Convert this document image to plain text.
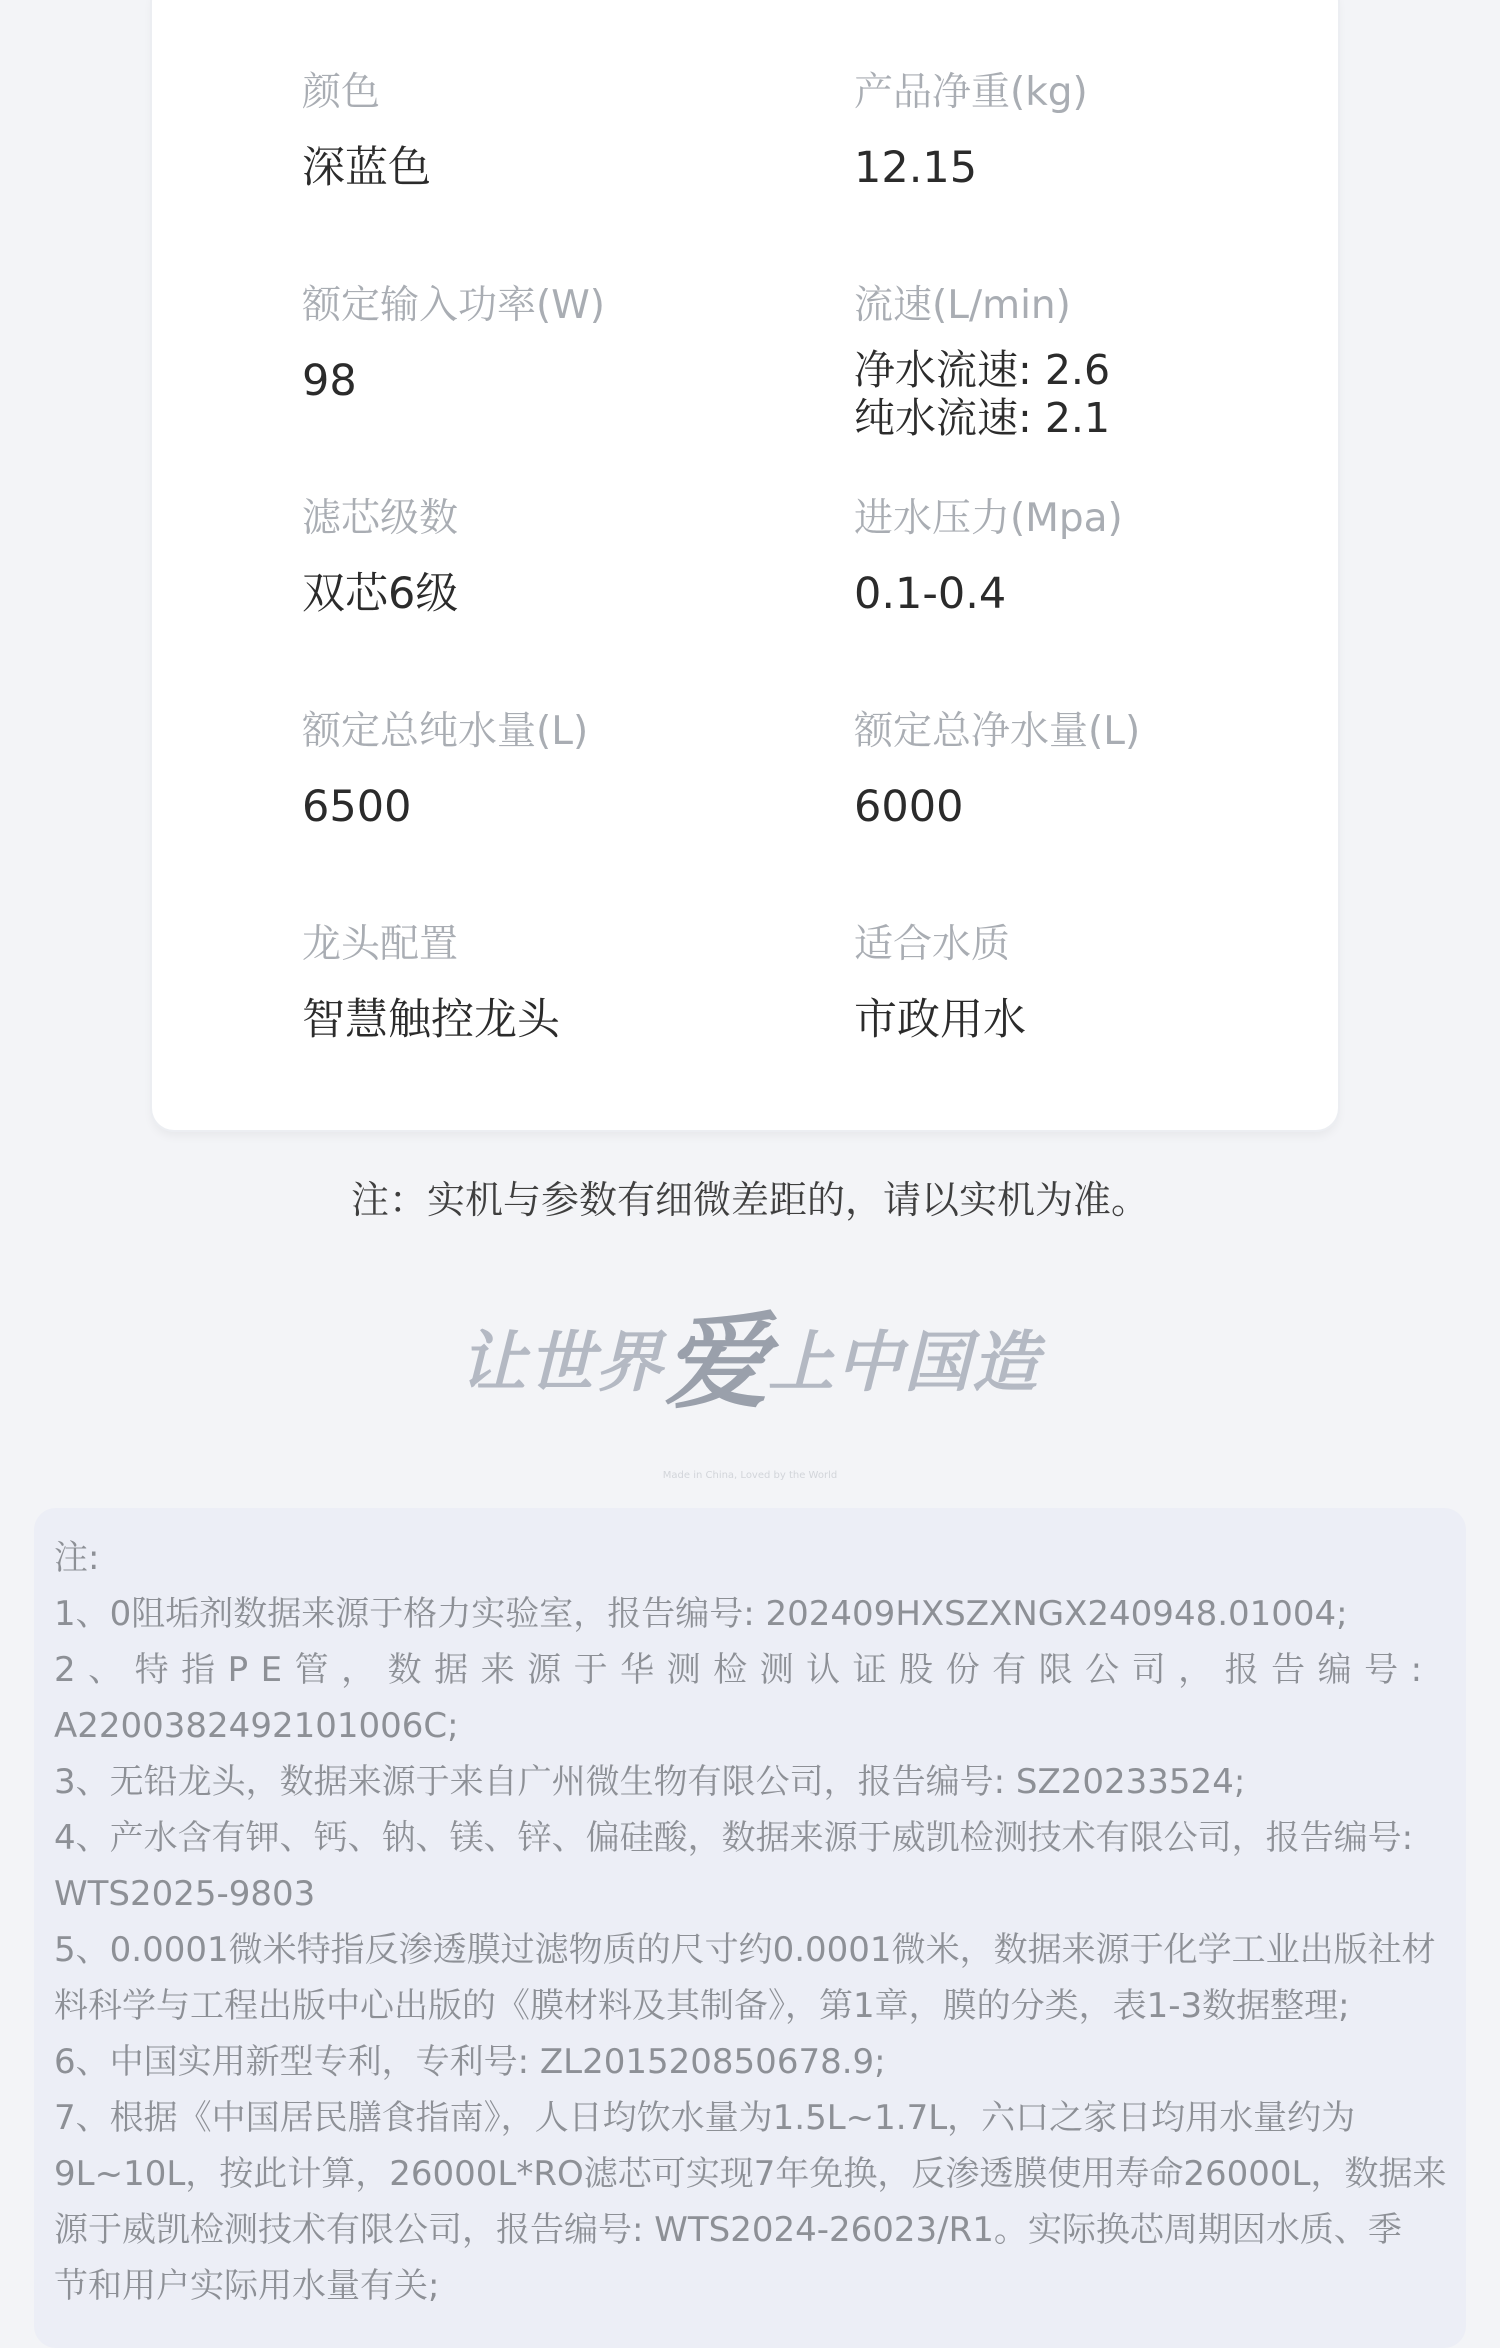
颜色
深蓝色
产品净重(kg)
12.15
额定输入功率(W)
98
流速(L/min)
净水流速: 2.6
纯水流速: 2.1
滤芯级数
双芯6级
进水压力(Mpa)
0.1-0.4
额定总纯水量(L)
6500
额定总净水量(L)
6000
龙头配置
智慧触控龙头
适合水质
市政用水
注：实机与参数有细微差距的，请以实机为准。
让世界爱上中国造
Made in China, Loved by the World
注:
1、0阻垢剂数据来源于格力实验室，报告编号: 202409HXSZXNGX240948.01004;
2、特指PE管，数据来源于华测检测认证股份有限公司，报告编号:
A2200382492101006C;
3、无铅龙头，数据来源于来自广州微生物有限公司，报告编号: SZ20233524;
4、产水含有钾、钙、钠、镁、锌、偏硅酸，数据来源于威凯检测技术有限公司，报告编号:
WTS2025-9803
5、0.0001微米特指反渗透膜过滤物质的尺寸约0.0001微米，数据来源于化学工业出版社材
料科学与工程出版中心出版的《膜材料及其制备》，第1章，膜的分类，表1-3数据整理;
6、中国实用新型专利，专利号: ZL201520850678.9;
7、根据《中国居民膳食指南》，人日均饮水量为1.5L~1.7L，六口之家日均用水量约为
9L~10L，按此计算，26000L*RO滤芯可实现7年免换，反渗透膜使用寿命26000L，数据来
源于威凯检测技术有限公司，报告编号: WTS2024-26023/R1。实际换芯周期因水质、季
节和用户实际用水量有关;
